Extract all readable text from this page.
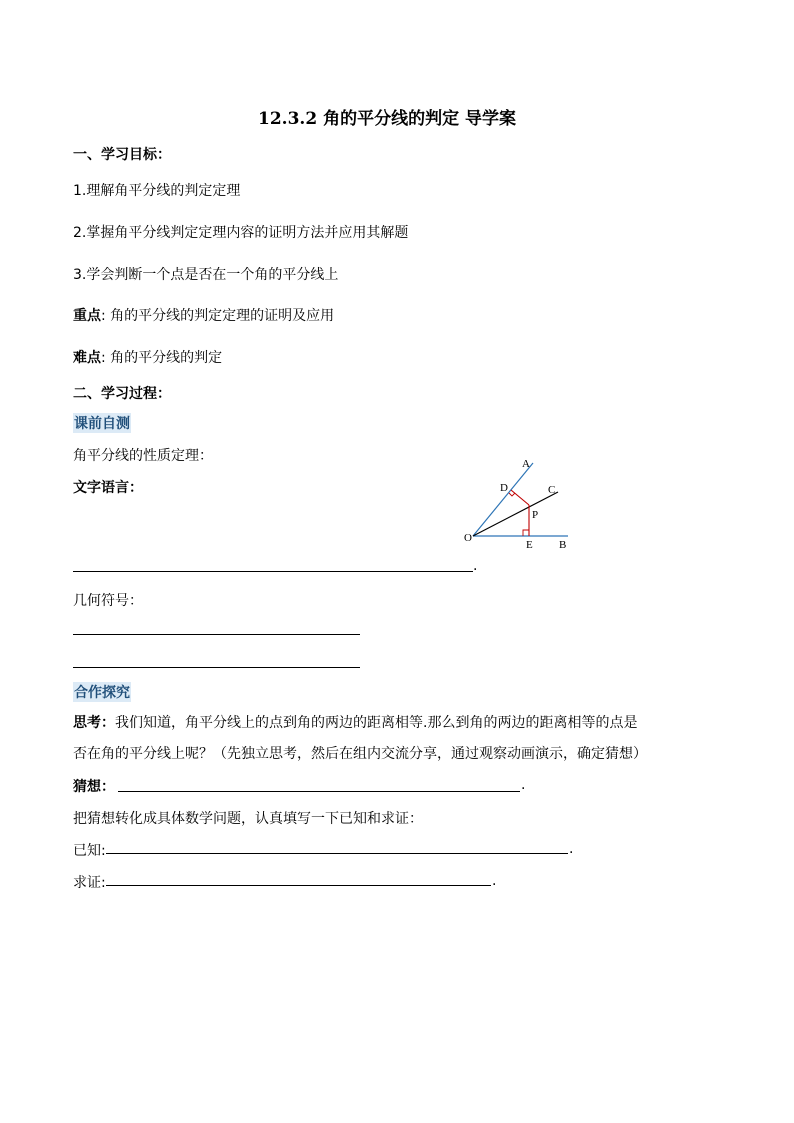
12.3.2 角的平分线的判定 导学案
一、学习目标：
1.理解角平分线的判定定理
2.掌握角平分线判定定理内容的证明方法并应用其解题
3.学会判断一个点是否在一个角的平分线上
重点: 角的平分线的判定定理的证明及应用
难点: 角的平分线的判定
二、学习过程：
课前自测
角平分线的性质定理：
文字语言：
A
D	C
P
O
E B
.
几何符号：
合作探究
思考：我们知道，角平分线上的点到角的两边的距离相等.那么到角的两边的距离相等的点是
否在角的平分线上呢？（先独立思考，然后在组内交流分享，通过观察动画演示，确定猜想）
猜想：	.
把猜想转化成具体数学问题，认真填写一下已知和求证：
已知:	.
求证:	.
